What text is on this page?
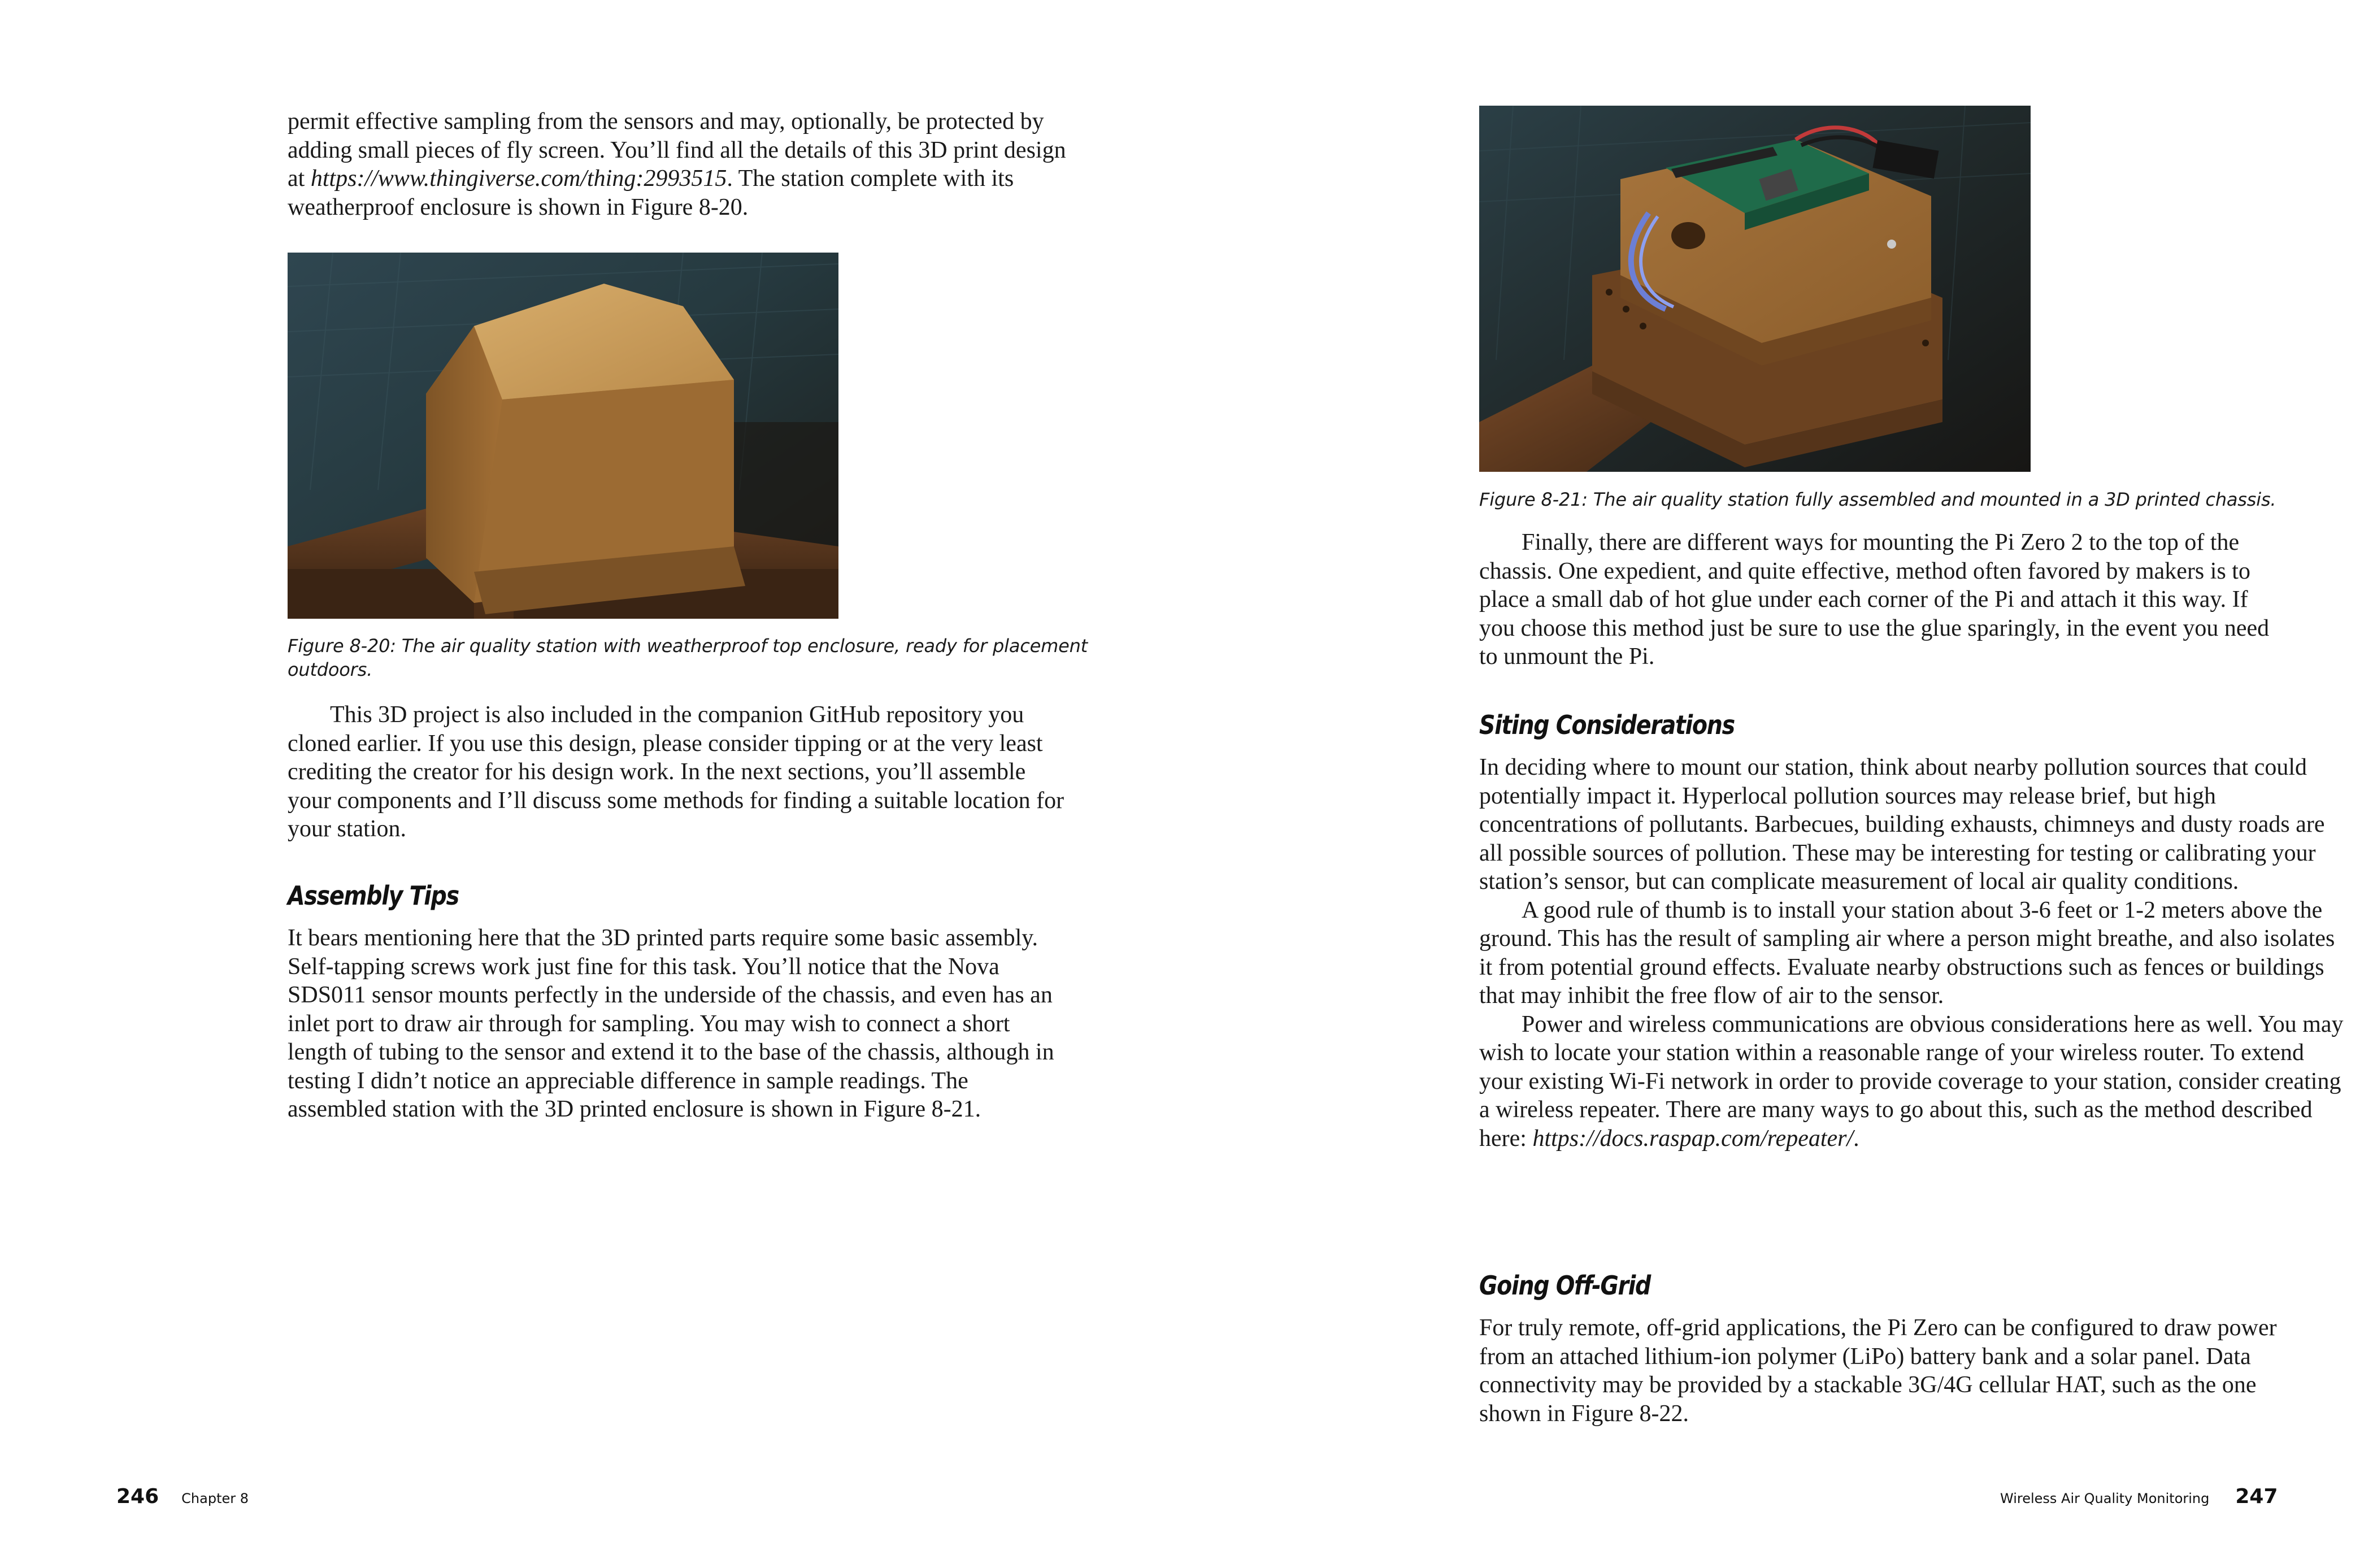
permit effective sampling from the sensors and may, optionally, be protected by adding small pieces of fly screen. You’ll find all the details of this 3D print design at https://www.thingiverse.com/thing:2993515. The station complete with its weatherproof enclosure is shown in Figure 8-20.

Figure 8-20: The air quality station with weatherproof top enclosure, ready for placement outdoors.

This 3D project is also included in the companion GitHub repository you cloned earlier. If you use this design, please consider tipping or at the very least crediting the creator for his design work. In the next sections, you’ll assemble your components and I’ll discuss some methods for finding a suitable location for your station.

Assembly Tips

It bears mentioning here that the 3D printed parts require some basic assembly. Self-tapping screws work just fine for this task. You’ll notice that the Nova SDS011 sensor mounts perfectly in the underside of the chassis, and even has an inlet port to draw air through for sampling. You may wish to connect a short length of tubing to the sensor and extend it to the base of the chassis, although in testing I didn’t notice an appreciable difference in sample readings. The assembled station with the 3D printed enclosure is shown in Figure 8-21.

246 Chapter 8
Figure 8-21: The air quality station fully assembled and mounted in a 3D printed chassis.

Finally, there are different ways for mounting the Pi Zero 2 to the top of the chassis. One expedient, and quite effective, method often favored by makers is to place a small dab of hot glue under each corner of the Pi and attach it this way. If you choose this method just be sure to use the glue sparingly, in the event you need to unmount the Pi.

Siting Considerations

In deciding where to mount our station, think about nearby pollution sources that could potentially impact it. Hyperlocal pollution sources may release brief, but high concentrations of pollutants. Barbecues, building exhausts, chimneys and dusty roads are all possible sources of pollution. These may be interesting for testing or calibrating your station’s sensor, but can complicate measurement of local air quality conditions.

A good rule of thumb is to install your station about 3-6 feet or 1-2 meters above the ground. This has the result of sampling air where a person might breathe, and also isolates it from potential ground effects. Evaluate nearby obstructions such as fences or buildings that may inhibit the free flow of air to the sensor.

Power and wireless communications are obvious considerations here as well. You may wish to locate your station within a reasonable range of your wireless router. To extend your existing Wi-Fi network in order to provide coverage to your station, consider creating a wireless repeater. There are many ways to go about this, such as the method described here: https://docs.raspap.com/repeater/.

Going Off-Grid

For truly remote, off-grid applications, the Pi Zero can be configured to draw power from an attached lithium-ion polymer (LiPo) battery bank and a solar panel. Data connectivity may be provided by a stackable 3G/4G cellular HAT, such as the one shown in Figure 8-22.

Wireless Air Quality Monitoring 247
